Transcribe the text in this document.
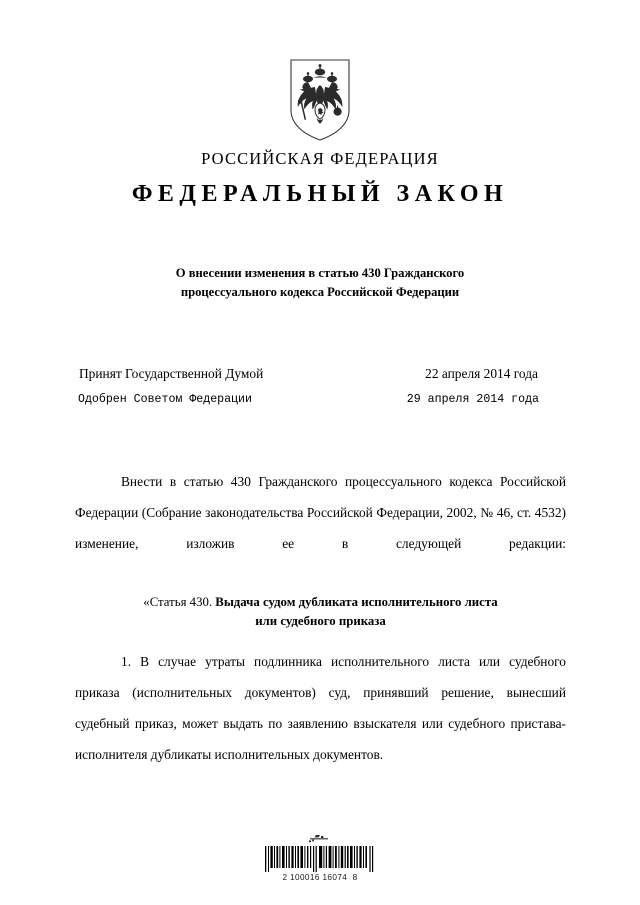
РОССИЙСКАЯ ФЕДЕРАЦИЯ
ФЕДЕРАЛЬНЫЙ ЗАКОН
О внесении изменения в статью 430 Гражданского
процессуального кодекса Российской Федерации
Принят Государственной Думой	22 апреля 2014 года
Одобрен Советом Федерации	29 апреля 2014 года

Внести в статью 430 Гражданского процессуального кодекса Российской Федерации (Собрание законодательства Российской Федерации, 2002, № 46, ст. 4532) изменение, изложив ее в следующей редакции:

«Статья 430. Выдача судом дубликата исполнительного листа
или судебного приказа

1. В случае утраты подлинника исполнительного листа или судебного приказа (исполнительных документов) суд, принявший решение, вынесший судебный приказ, может выдать по заявлению взыскателя или судебного пристава-исполнителя дубликаты исполнительных документов.

2 100016 16074  8
